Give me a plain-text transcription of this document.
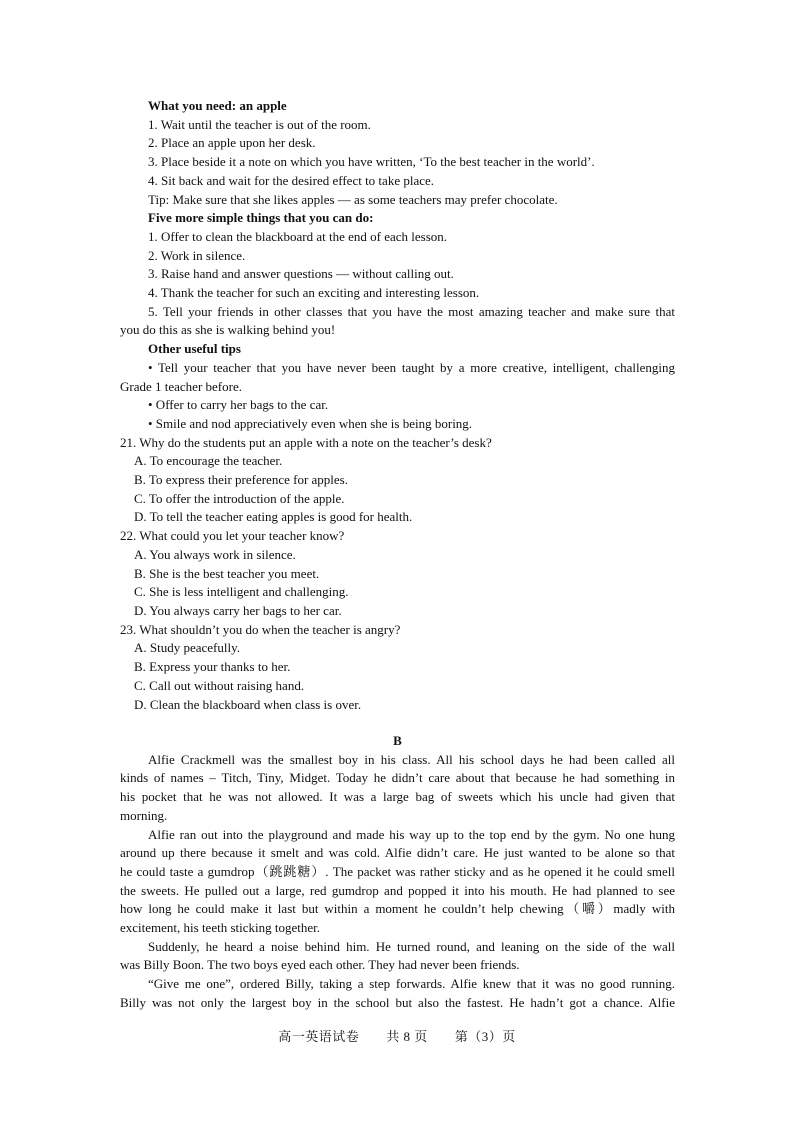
What you need: an apple
1. Wait until the teacher is out of the room.
2. Place an apple upon her desk.
3. Place beside it a note on which you have written, ‘To the best teacher in the world’.
4. Sit back and wait for the desired effect to take place.
Tip: Make sure that she likes apples — as some teachers may prefer chocolate.
Five more simple things that you can do:
1. Offer to clean the blackboard at the end of each lesson.
2. Work in silence.
3. Raise hand and answer questions — without calling out.
4. Thank the teacher for such an exciting and interesting lesson.
5. Tell your friends in other classes that you have the most amazing teacher and make sure that
you do this as she is walking behind you!
Other useful tips
• Tell your teacher that you have never been taught by a more creative, intelligent, challenging
Grade 1 teacher before.
• Offer to carry her bags to the car.
• Smile and nod appreciatively even when she is being boring.
21. Why do the students put an apple with a note on the teacher’s desk?
A. To encourage the teacher.
B. To express their preference for apples.
C. To offer the introduction of the apple.
D. To tell the teacher eating apples is good for health.
22. What could you let your teacher know?
A. You always work in silence.
B. She is the best teacher you meet.
C. She is less intelligent and challenging.
D. You always carry her bags to her car.
23. What shouldn’t you do when the teacher is angry?
A. Study peacefully.
B. Express your thanks to her.
C. Call out without raising hand.
D. Clean the blackboard when class is over.
B
Alfie Crackmell was the smallest boy in his class. All his school days he had been called all
kinds of names – Titch, Tiny, Midget. Today he didn’t care about that because he had something in
his pocket that he was not allowed. It was a large bag of sweets which his uncle had given that
morning.
Alfie ran out into the playground and made his way up to the top end by the gym. No one hung
around up there because it smelt and was cold. Alfie didn’t care. He just wanted to be alone so that
he could taste a gumdrop（跳跳糖）. The packet was rather sticky and as he opened it he could smell
the sweets. He pulled out a large, red gumdrop and popped it into his mouth. He had planned to see
how long he could make it last but within a moment he couldn’t help chewing（嚼）madly with
excitement, his teeth sticking together.
Suddenly, he heard a noise behind him. He turned round, and leaning on the side of the wall
was Billy Boon. The two boys eyed each other. They had never been friends.
“Give me one”, ordered Billy, taking a step forwards. Alfie knew that it was no good running.
Billy was not only the largest boy in the school but also the fastest. He hadn’t got a chance. Alfie
高一英语试卷　　共 8 页　　第（3）页
